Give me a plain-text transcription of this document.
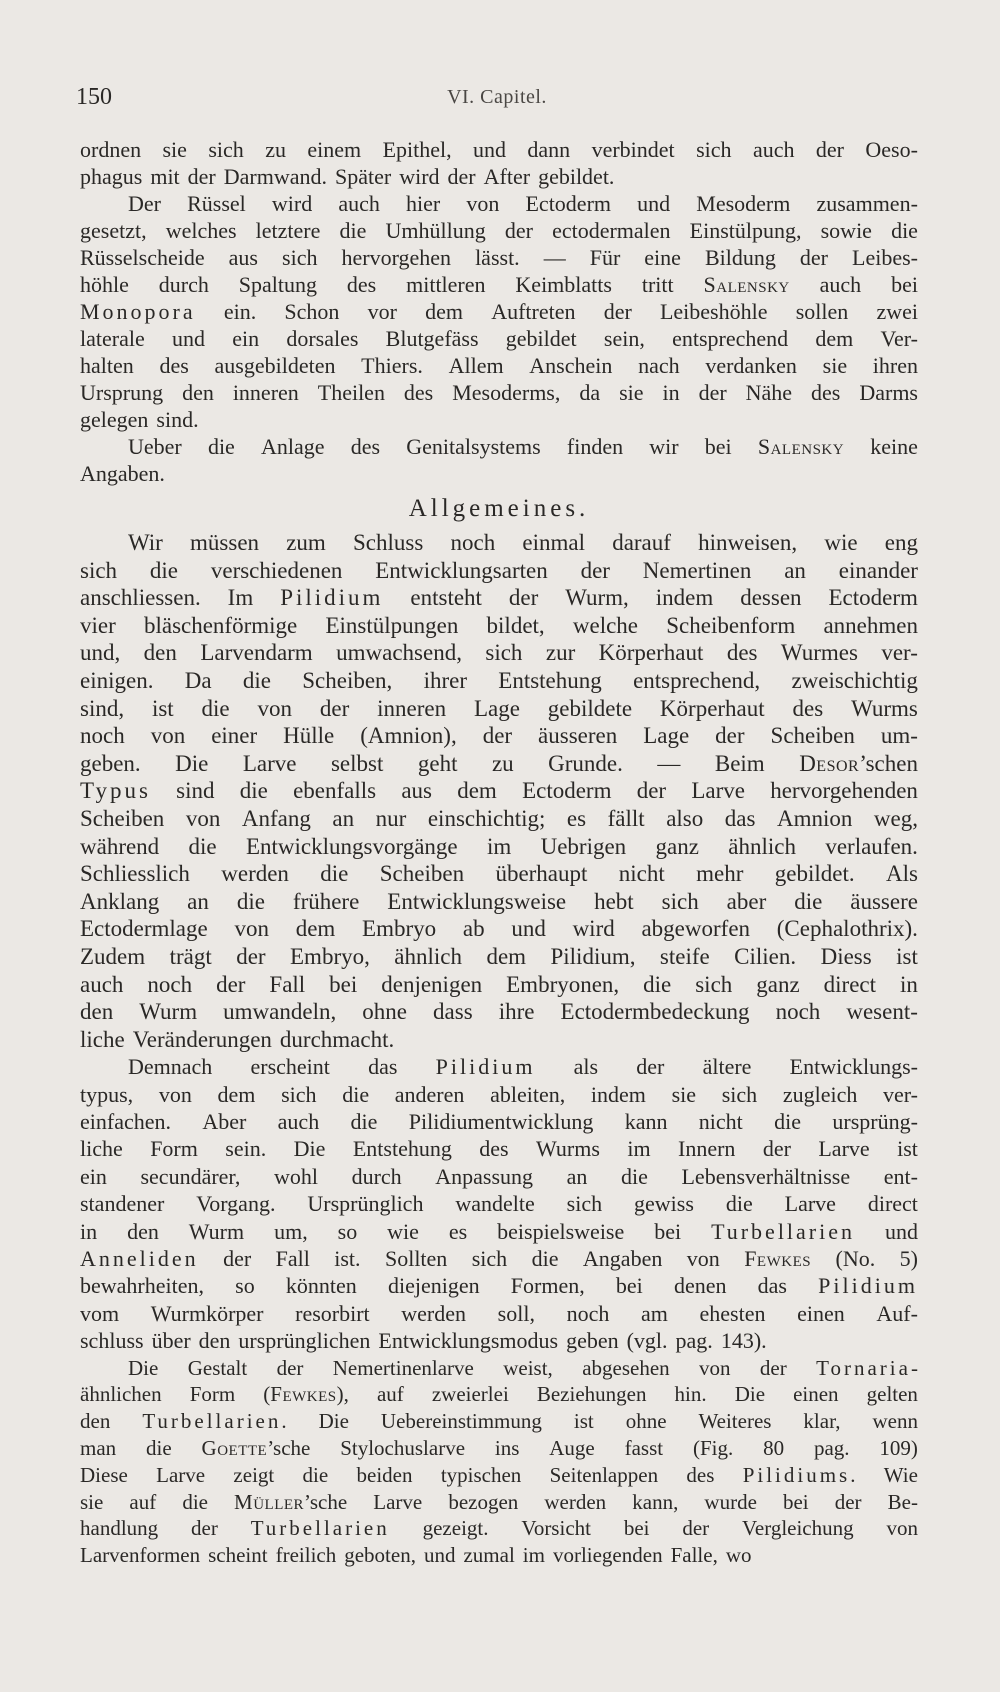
150	VI. Capitel.
ordnen sie sich zu einem Epithel, und dann verbindet sich auch der Oeso-
phagus mit der Darmwand. Später wird der After gebildet.
Der Rüssel wird auch hier von Ectoderm und Mesoderm zusammen-
gesetzt, welches letztere die Umhüllung der ectodermalen Einstülpung, sowie die
Rüsselscheide aus sich hervorgehen lässt. — Für eine Bildung der Leibes-
höhle durch Spaltung des mittleren Keimblatts tritt Salensky auch bei
Monopora ein. Schon vor dem Auftreten der Leibeshöhle sollen zwei
laterale und ein dorsales Blutgefäss gebildet sein, entsprechend dem Ver-
halten des ausgebildeten Thiers. Allem Anschein nach verdanken sie ihren
Ursprung den inneren Theilen des Mesoderms, da sie in der Nähe des Darms
gelegen sind.
Ueber die Anlage des Genitalsystems finden wir bei Salensky keine
Angaben.
Allgemeines.
Wir müssen zum Schluss noch einmal darauf hinweisen, wie eng
sich die verschiedenen Entwicklungsarten der Nemertinen an einander
anschliessen. Im Pilidium entsteht der Wurm, indem dessen Ectoderm
vier bläschenförmige Einstülpungen bildet, welche Scheibenform annehmen
und, den Larvendarm umwachsend, sich zur Körperhaut des Wurmes ver-
einigen. Da die Scheiben, ihrer Entstehung entsprechend, zweischichtig
sind, ist die von der inneren Lage gebildete Körperhaut des Wurms
noch von einer Hülle (Amnion), der äusseren Lage der Scheiben um-
geben. Die Larve selbst geht zu Grunde. — Beim Desor’schen
Typus sind die ebenfalls aus dem Ectoderm der Larve hervorgehenden
Scheiben von Anfang an nur einschichtig; es fällt also das Amnion weg,
während die Entwicklungsvorgänge im Uebrigen ganz ähnlich verlaufen.
Schliesslich werden die Scheiben überhaupt nicht mehr gebildet. Als
Anklang an die frühere Entwicklungsweise hebt sich aber die äussere
Ectodermlage von dem Embryo ab und wird abgeworfen (Cephalothrix).
Zudem trägt der Embryo, ähnlich dem Pilidium, steife Cilien. Diess ist
auch noch der Fall bei denjenigen Embryonen, die sich ganz direct in
den Wurm umwandeln, ohne dass ihre Ectodermbedeckung noch wesent-
liche Veränderungen durchmacht.
Demnach erscheint das Pilidium als der ältere Entwicklungs-
typus, von dem sich die anderen ableiten, indem sie sich zugleich ver-
einfachen. Aber auch die Pilidiumentwicklung kann nicht die ursprüng-
liche Form sein. Die Entstehung des Wurms im Innern der Larve ist
ein secundärer, wohl durch Anpassung an die Lebensverhältnisse ent-
standener Vorgang. Ursprünglich wandelte sich gewiss die Larve direct
in den Wurm um, so wie es beispielsweise bei Turbellarien und
Anneliden der Fall ist. Sollten sich die Angaben von Fewkes (No. 5)
bewahrheiten, so könnten diejenigen Formen, bei denen das Pilidium
vom Wurmkörper resorbirt werden soll, noch am ehesten einen Auf-
schluss über den ursprünglichen Entwicklungsmodus geben (vgl. pag. 143).
Die Gestalt der Nemertinenlarve weist, abgesehen von der Tornaria-
ähnlichen Form (Fewkes), auf zweierlei Beziehungen hin. Die einen gelten
den Turbellarien. Die Uebereinstimmung ist ohne Weiteres klar, wenn
man die Goette’sche Stylochuslarve ins Auge fasst (Fig. 80 pag. 109)
Diese Larve zeigt die beiden typischen Seitenlappen des Pilidiums. Wie
sie auf die Müller’sche Larve bezogen werden kann, wurde bei der Be-
handlung der Turbellarien gezeigt. Vorsicht bei der Vergleichung von
Larvenformen scheint freilich geboten, und zumal im vorliegenden Falle, wo
